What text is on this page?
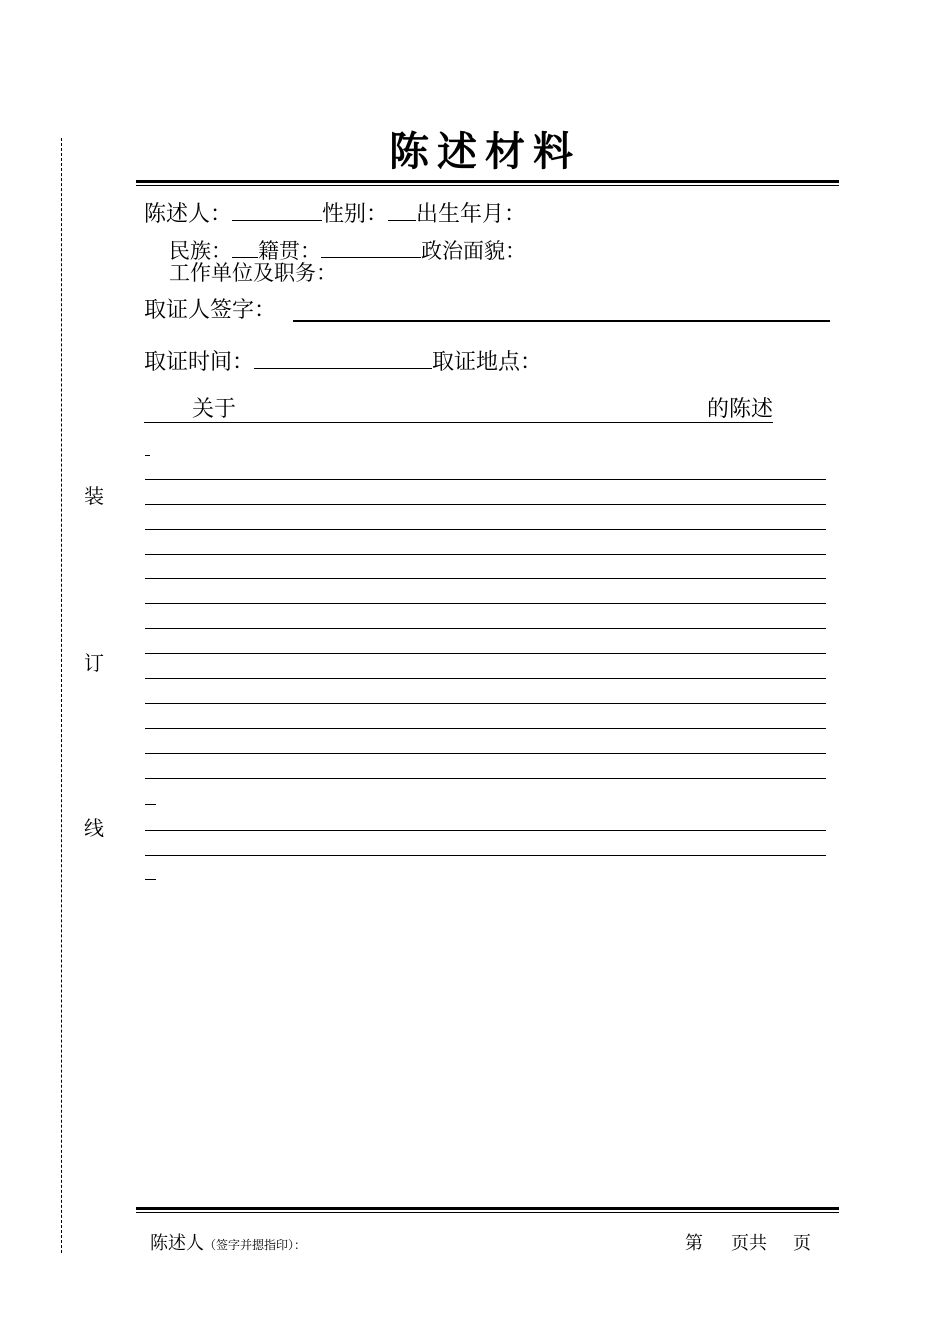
装
订
线
陈述材料
陈述人：	性别： 出生年月：
民族： 籍贯：	政治面貌：
工作单位及职务：
取证人签字：
取证时间：	取证地点：
关于	的陈述
陈述人（签字并摁指印）：	第 页共 页
